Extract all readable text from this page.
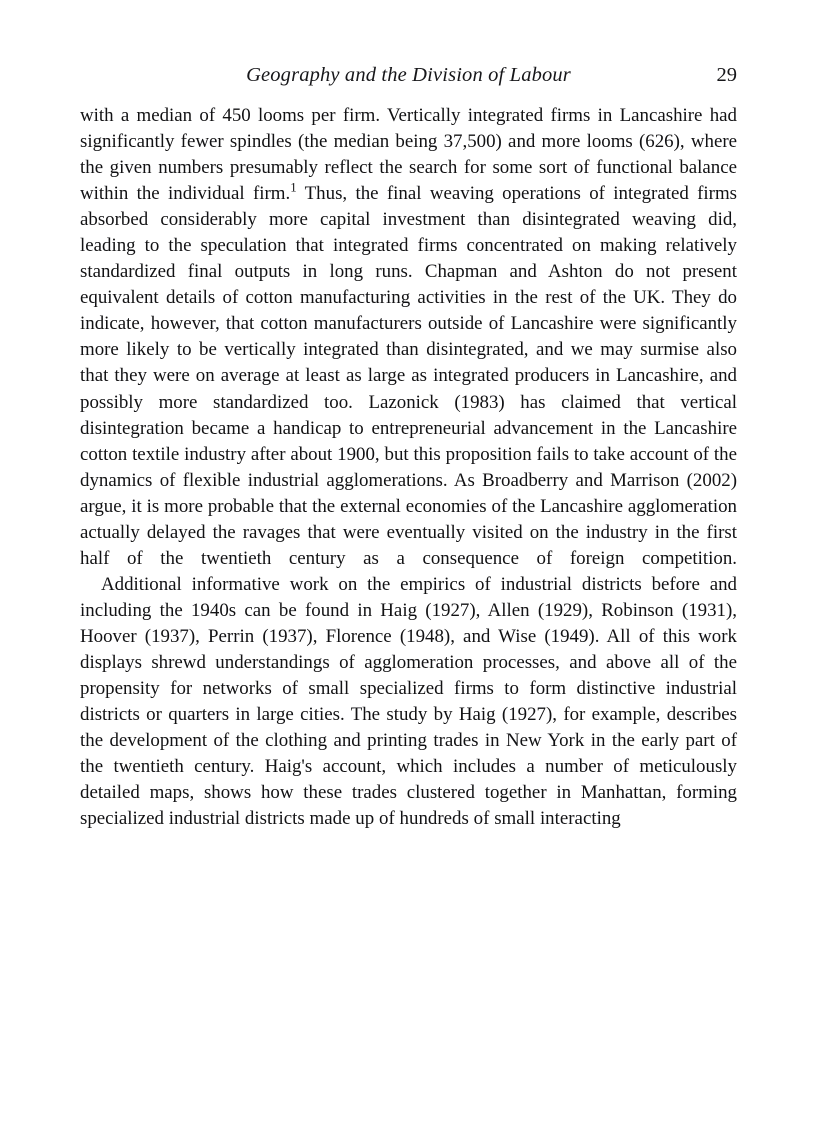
Geography and the Division of Labour	29

with a median of 450 looms per firm. Vertically integrated firms in Lancashire had significantly fewer spindles (the median being 37,500) and more looms (626), where the given numbers presumably reflect the search for some sort of functional balance within the individual firm.$^1$ Thus, the final weaving operations of integrated firms absorbed considerably more capital investment than disintegrated weaving did, leading to the speculation that integrated firms concentrated on making relatively standardized final outputs in long runs. Chapman and Ashton do not present equivalent details of cotton manufacturing activities in the rest of the UK. They do indicate, however, that cotton manufacturers outside of Lancashire were significantly more likely to be vertically integrated than disintegrated, and we may surmise also that they were on average at least as large as integrated producers in Lancashire, and possibly more standardized too. Lazonick (1983) has claimed that vertical disintegration became a handicap to entrepreneurial advancement in the Lancashire cotton textile industry after about 1900, but this proposition fails to take account of the dynamics of flexible industrial agglomerations. As Broadberry and Marrison (2002) argue, it is more probable that the external economies of the Lancashire agglomeration actually delayed the ravages that were eventually visited on the industry in the first half of the twentieth century as a consequence of foreign competition.

Additional informative work on the empirics of industrial districts before and including the 1940s can be found in Haig (1927), Allen (1929), Robinson (1931), Hoover (1937), Perrin (1937), Florence (1948), and Wise (1949). All of this work displays shrewd understandings of agglomeration processes, and above all of the propensity for networks of small specialized firms to form distinctive industrial districts or quarters in large cities. The study by Haig (1927), for example, describes the development of the clothing and printing trades in New York in the early part of the twentieth century. Haig's account, which includes a number of meticulously detailed maps, shows how these trades clustered together in Manhattan, forming specialized industrial districts made up of hundreds of small interacting
